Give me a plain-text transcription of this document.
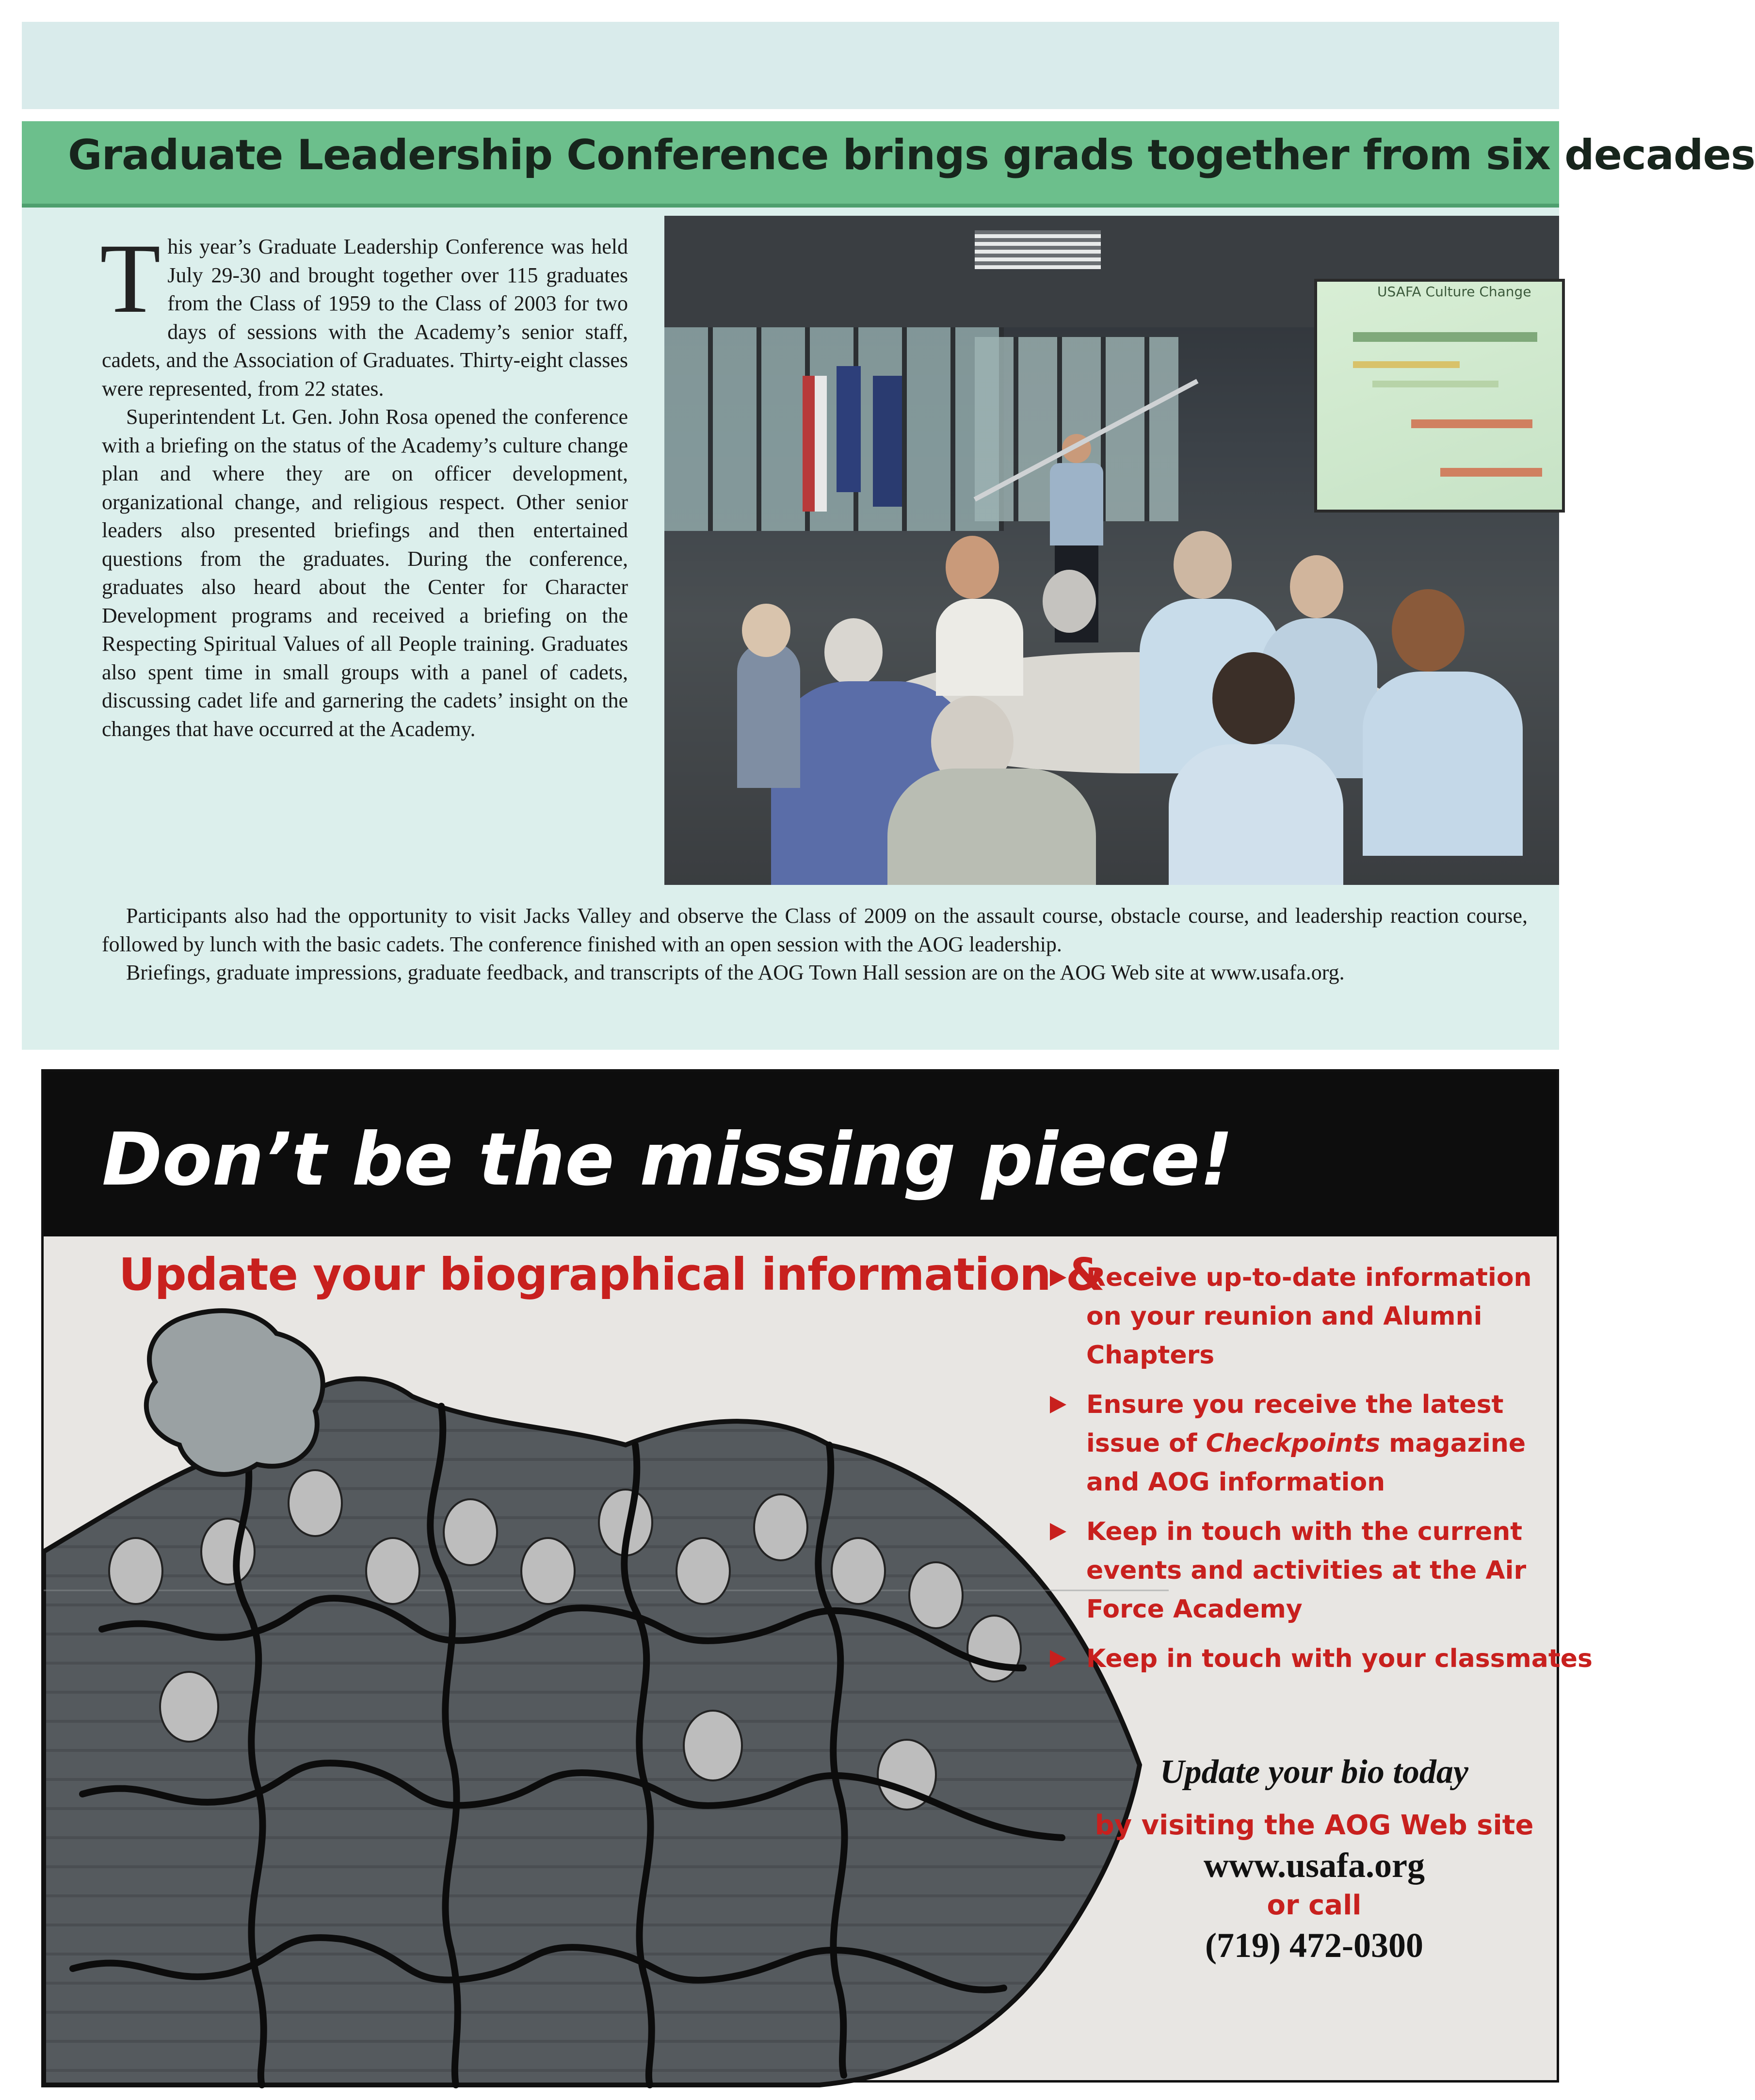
Graduate Leadership Conference brings grads together from six decades
USAFA Culture Change

This year’s Graduate Leadership Conference was held July 29-30 and brought together over 115 graduates from the Class of 1959 to the Class of 2003 for two days of sessions with the Academy’s senior staff, cadets, and the Association of Graduates. Thirty-eight classes were represented, from 22 states.

Superintendent Lt. Gen. John Rosa opened the conference with a briefing on the status of the Academy’s culture change plan and where they are on officer development, organizational change, and religious respect. Other senior leaders also presented briefings and then entertained questions from the graduates. During the conference, graduates also heard about the Center for Character Development programs and received a briefing on the Respecting Spiritual Values of all People training. Graduates also spent time in small groups with a panel of cadets, discussing cadet life and garnering the cadets’ insight on the changes that have occurred at the Academy.

Participants also had the opportunity to visit Jacks Valley and observe the Class of 2009 on the assault course, obstacle course, and leadership reaction course, followed by lunch with the basic cadets. The conference finished with an open session with the AOG leadership.

Briefings, graduate impressions, graduate feedback, and transcripts of the AOG Town Hall session are on the AOG Web site at www.usafa.org.

Don’t be the missing piece!
Update your biographical information &
Receive up-to-date information on your reunion and Alumni Chapters
Ensure you receive the latest issue of Checkpoints magazine and AOG information
Keep in touch with the current events and activities at the Air Force Academy
Keep in touch with your classmates
Update your bio today
by visiting the AOG Web site
www.usafa.org
or call
(719) 472-0300
